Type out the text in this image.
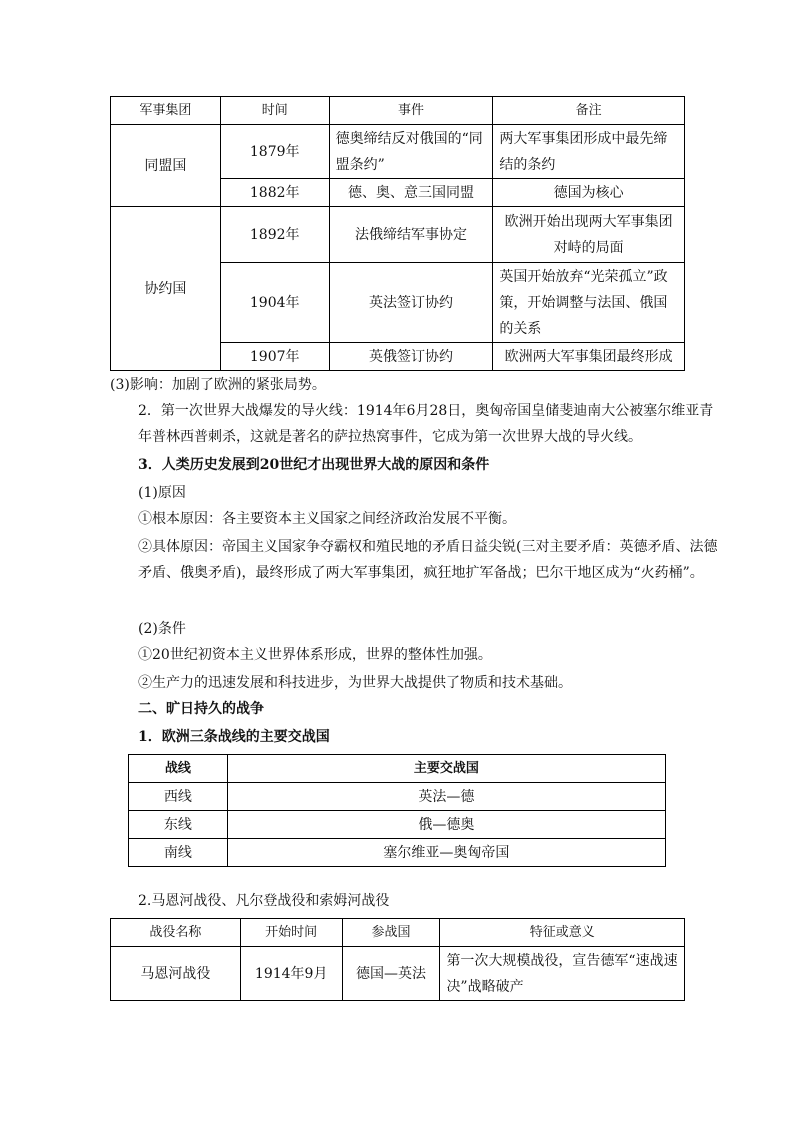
军事集团	时间	事件	备注
同盟国	1879年	德奥缔结反对俄国的“同盟条约”	两大军事集团形成中最先缔结的条约
	1882年	德、奥、意三国同盟	德国为核心
协约国	1892年	法俄缔结军事协定	欧洲开始出现两大军事集团对峙的局面
	1904年	英法签订协约	英国开始放弃“光荣孤立”政策，开始调整与法国、俄国的关系
	1907年	英俄签订协约	欧洲两大军事集团最终形成
(3)影响：加剧了欧洲的紧张局势。
2．第一次世界大战爆发的导火线：1914年6月28日，奥匈帝国皇储斐迪南大公被塞尔维亚青年普林西普刺杀，这就是著名的萨拉热窝事件，它成为第一次世界大战的导火线。
3．人类历史发展到20世纪才出现世界大战的原因和条件
(1)原因
①根本原因：各主要资本主义国家之间经济政治发展不平衡。
②具体原因：帝国主义国家争夺霸权和殖民地的矛盾日益尖锐(三对主要矛盾：英德矛盾、法德矛盾、俄奥矛盾)，最终形成了两大军事集团，疯狂地扩军备战；巴尔干地区成为“火药桶”。
(2)条件
①20世纪初资本主义世界体系形成，世界的整体性加强。
②生产力的迅速发展和科技进步，为世界大战提供了物质和技术基础。
二、旷日持久的战争
1．欧洲三条战线的主要交战国
战线	主要交战国
西线	英法—德
东线	俄—德奥
南线	塞尔维亚—奥匈帝国
2.马恩河战役、凡尔登战役和索姆河战役
战役名称	开始时间	参战国	特征或意义
马恩河战役	1914年9月	德国—英法	第一次大规模战役，宣告德军“速战速决”战略破产
